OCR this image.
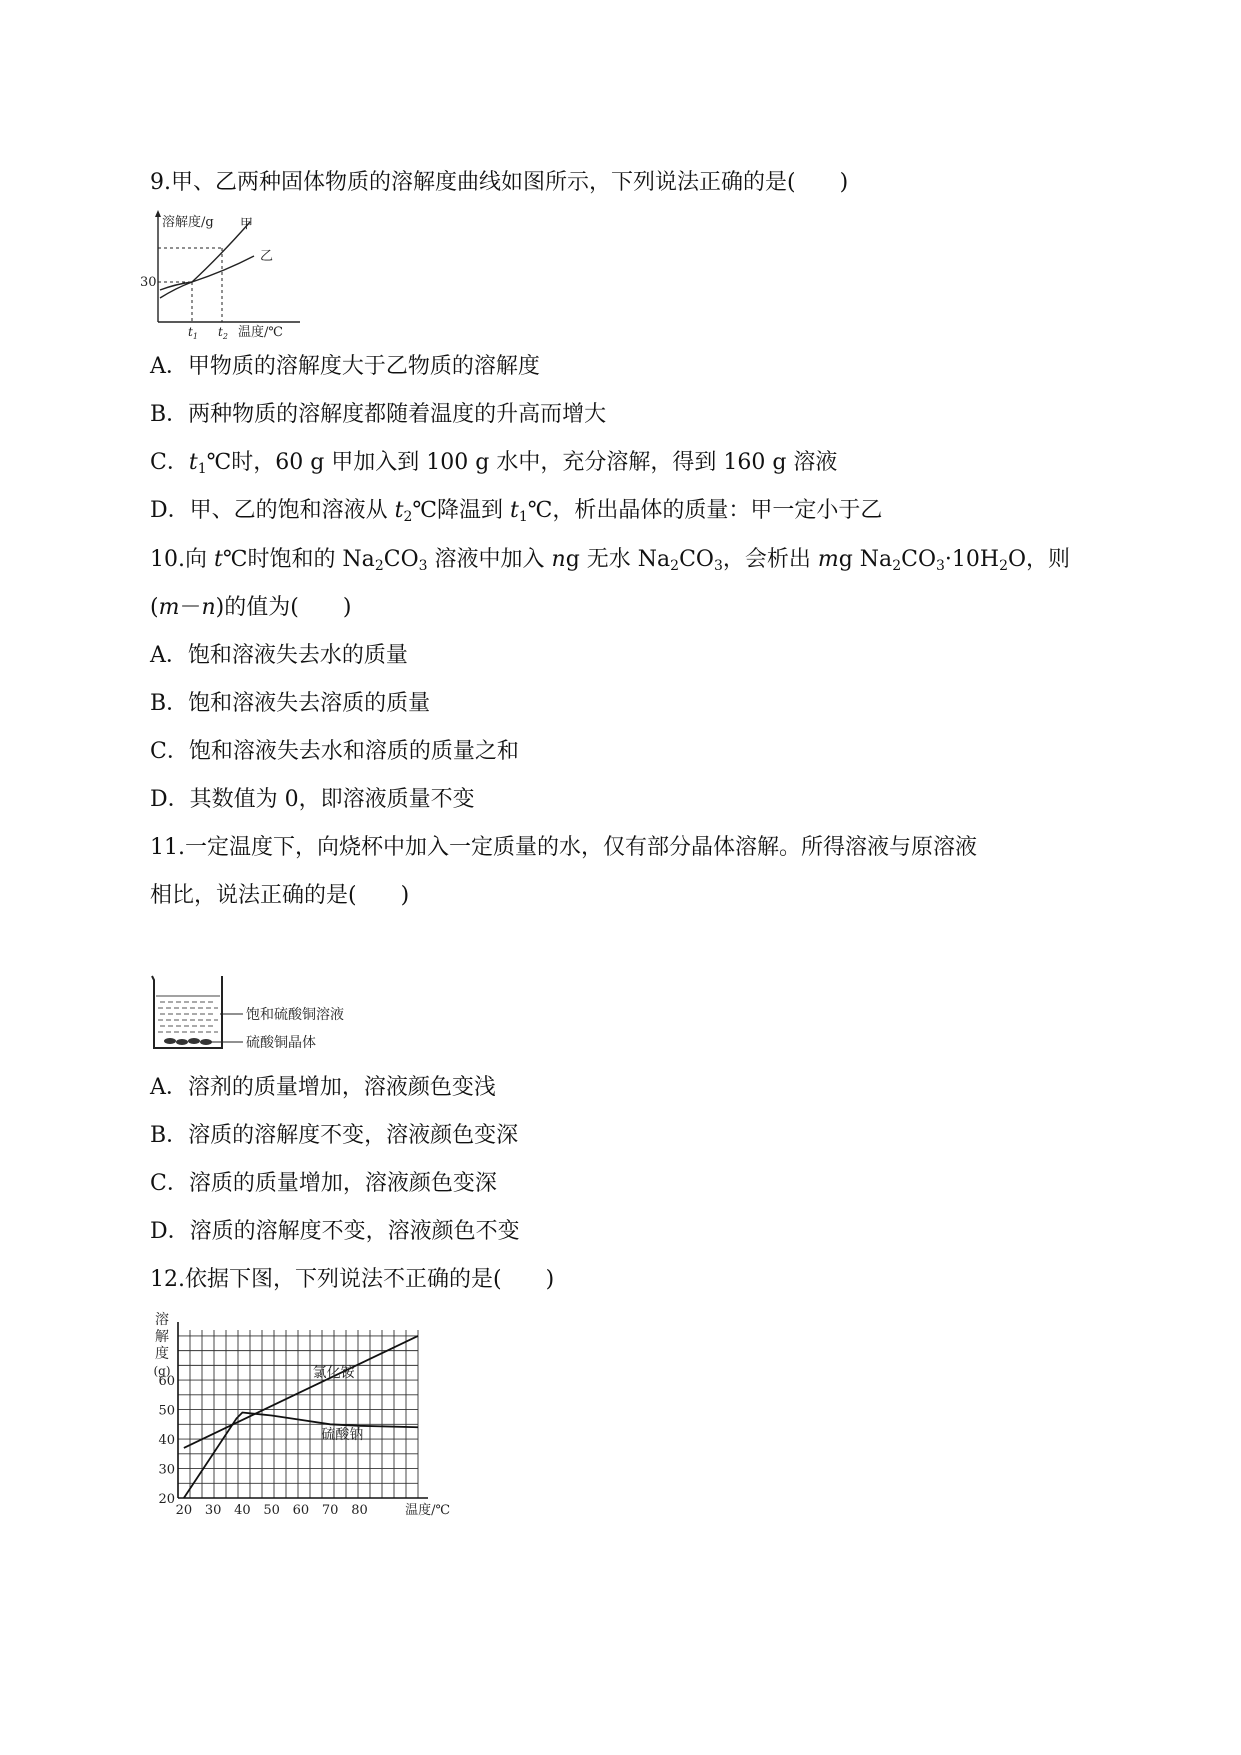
9.甲、乙两种固体物质的溶解度曲线如图所示，下列说法正确的是(　　)
溶解度/g
30
甲
乙
$t_1$ $t_2$ 温度/℃
A．甲物质的溶解度大于乙物质的溶解度
B．两种物质的溶解度都随着温度的升高而增大
C．$t_1℃$时，60 g 甲加入到 100 g 水中，充分溶解，得到 160 g 溶液
D．甲、乙的饱和溶液从 $t_2℃$降温到 $t_1℃$，析出晶体的质量：甲一定小于乙
10.向 t℃时饱和的 $Na_2CO_3$ 溶液中加入 ng 无水 $Na_2CO_3$，会析出 mg $Na_2CO_3\cdot 10H_2O$，则
(m－n)的值为(　　)
A．饱和溶液失去水的质量
B．饱和溶液失去溶质的质量
C．饱和溶液失去水和溶质的质量之和
D．其数值为 0，即溶液质量不变
11.一定温度下，向烧杯中加入一定质量的水，仅有部分晶体溶解。所得溶液与原溶液
相比，说法正确的是(　　)
饱和硫酸铜溶液
硫酸铜晶体
A．溶剂的质量增加，溶液颜色变浅
B．溶质的溶解度不变，溶液颜色变深
C．溶质的质量增加，溶液颜色变深
D．溶质的溶解度不变，溶液颜色不变
12.依据下图，下列说法不正确的是(　　)
氯化铵
硫酸钠
20
30
40
50
60
20 30 40 50 60 70 80
溶
解
度
(g)
温度/℃
